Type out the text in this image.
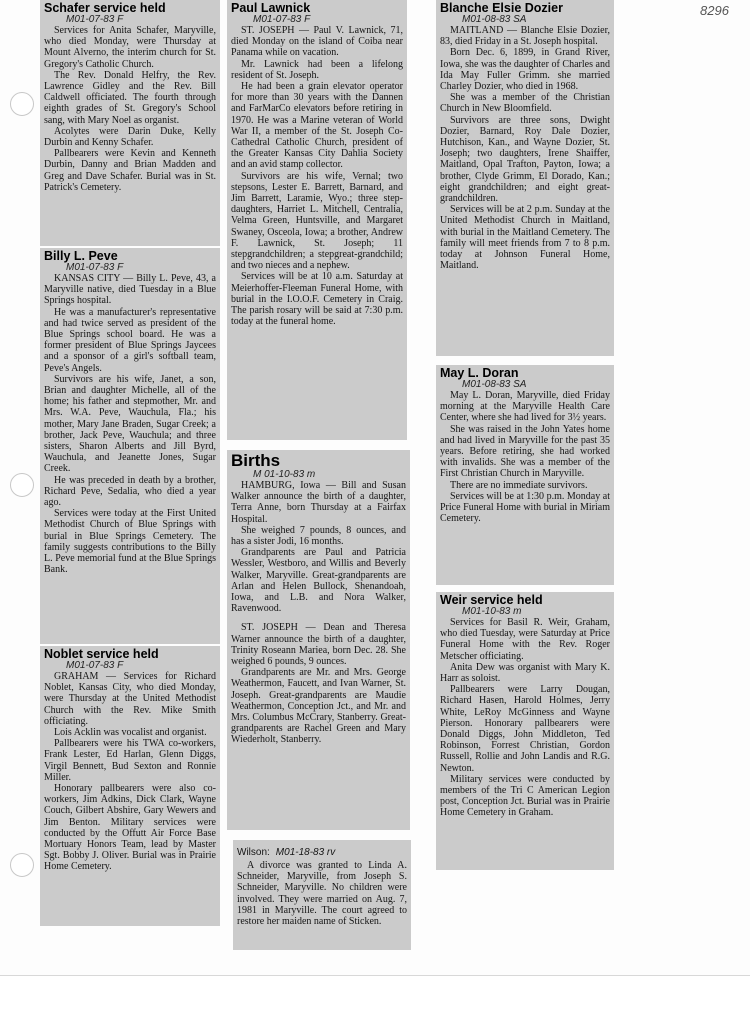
8296
Schafer service held
M01-07-83 F

Services for Anita Schafer, Maryville, who died Monday, were Thursday at Mount Alverno, the interim church for St. Gregory's Catholic Church.

The Rev. Donald Helfry, the Rev. Lawrence Gidley and the Rev. Bill Caldwell officiated. The fourth through eighth grades of St. Gregory's School sang, with Mary Noel as organist.

Acolytes were Darin Duke, Kelly Durbin and Kenny Schafer.

Pallbearers were Kevin and Kenneth Durbin, Danny and Brian Madden and Greg and Dave Schafer. Burial was in St. Patrick's Cemetery.

Billy L. Peve
M01-07-83 F

KANSAS CITY — Billy L. Peve, 43, a Maryville native, died Tuesday in a Blue Springs hospital.

He was a manufacturer's representative and had twice served as president of the Blue Springs school board. He was a former president of Blue Springs Jaycees and a sponsor of a girl's softball team, Peve's Angels.

Survivors are his wife, Janet, a son, Brian and daughter Michelle, all of the home; his father and stepmother, Mr. and Mrs. W.A. Peve, Wauchula, Fla.; his mother, Mary Jane Braden, Sugar Creek; a brother, Jack Peve, Wauchula; and three sisters, Sharon Alberts and Jill Byrd, Wauchula, and Jeanette Jones, Sugar Creek.

He was preceded in death by a brother, Richard Peve, Sedalia, who died a year ago.

Services were today at the First United Methodist Church of Blue Springs with burial in Blue Springs Cemetery. The family suggests contributions to the Billy L. Peve memorial fund at the Blue Springs Bank.

Noblet service held
M01-07-83 F

GRAHAM — Services for Richard Noblet, Kansas City, who died Monday, were Thursday at the United Methodist Church with the Rev. Mike Smith officiating.

Lois Acklin was vocalist and organist.

Pallbearers were his TWA co-workers, Frank Lester, Ed Harlan, Glenn Diggs, Virgil Bennett, Bud Sexton and Ronnie Miller.

Honorary pallbearers were also co-workers, Jim Adkins, Dick Clark, Wayne Couch, Gilbert Abshire, Gary Wewers and Jim Benton. Military services were conducted by the Offutt Air Force Base Mortuary Honors Team, lead by Master Sgt. Bobby J. Oliver. Burial was in Prairie Home Cemetery.

Paul Lawnick
M01-07-83 F

ST. JOSEPH — Paul V. Lawnick, 71, died Monday on the island of Coiba near Panama while on vacation.

Mr. Lawnick had been a lifelong resident of St. Joseph.

He had been a grain elevator operator for more than 30 years with the Dannen and FarMarCo elevators before retiring in 1970. He was a Marine veteran of World War II, a member of the St. Joseph Co-Cathedral Catholic Church, president of the Greater Kansas City Dahlia Society and an avid stamp collector.

Survivors are his wife, Vernal; two stepsons, Lester E. Barrett, Barnard, and Jim Barrett, Laramie, Wyo.; three step-daughters, Harriet L. Mitchell, Centralia, Velma Green, Huntsville, and Margaret Swaney, Osceola, Iowa; a brother, Andrew F. Lawnick, St. Joseph; 11 stepgrandchildren; a stepgreat-grandchild; and two nieces and a nephew.

Services will be at 10 a.m. Saturday at Meierhoffer-Fleeman Funeral Home, with burial in the I.O.O.F. Cemetery in Craig. The parish rosary will be said at 7:30 p.m. today at the funeral home.

Births
M 01-10-83 m

HAMBURG, Iowa — Bill and Susan Walker announce the birth of a daughter, Terra Anne, born Thursday at a Fairfax Hospital.

She weighed 7 pounds, 8 ounces, and has a sister Jodi, 16 months.

Grandparents are Paul and Patricia Wessler, Westboro, and Willis and Beverly Walker, Maryville. Great-grandparents are Arlan and Helen Bullock, Shenandoah, Iowa, and L.B. and Nora Walker, Ravenwood.

ST. JOSEPH — Dean and Theresa Warner announce the birth of a daughter, Trinity Roseann Mariea, born Dec. 28. She weighed 6 pounds, 9 ounces.

Grandparents are Mr. and Mrs. George Weathermon, Faucett, and Ivan Warner, St. Joseph. Great-grandparents are Maudie Weathermon, Conception Jct., and Mr. and Mrs. Columbus McCrary, Stanberry. Great-grandparents are Rachel Green and Mary Wiederholt, Stanberry.

Wilson: M01-18-83 rv

A divorce was granted to Linda A. Schneider, Maryville, from Joseph S. Schneider, Maryville. No children were involved. They were married on Aug. 7, 1981 in Maryville. The court agreed to restore her maiden name of Sticken.

Blanche Elsie Dozier
M01-08-83 SA

MAITLAND — Blanche Elsie Dozier, 83, died Friday in a St. Joseph hospital.

Born Dec. 6, 1899, in Grand River, Iowa, she was the daughter of Charles and Ida May Fuller Grimm. she married Charley Dozier, who died in 1968.

She was a member of the Christian Church in New Bloomfield.

Survivors are three sons, Dwight Dozier, Barnard, Roy Dale Dozier, Hutchison, Kan., and Wayne Dozier, St. Joseph; two daughters, Irene Shaiffer, Maitland, Opal Trafton, Payton, Iowa; a brother, Clyde Grimm, El Dorado, Kan.; eight grandchildren; and eight great-grandchildren.

Services will be at 2 p.m. Sunday at the United Methodist Church in Maitland, with burial in the Maitland Cemetery. The family will meet friends from 7 to 8 p.m. today at Johnson Funeral Home, Maitland.

May L. Doran
M01-08-83 SA

May L. Doran, Maryville, died Friday morning at the Maryville Health Care Center, where she had lived for 3½ years.

She was raised in the John Yates home and had lived in Maryville for the past 35 years. Before retiring, she had worked with invalids. She was a member of the First Christian Church in Maryville.

There are no immediate survivors.

Services will be at 1:30 p.m. Monday at Price Funeral Home with burial in Miriam Cemetery.

Weir service held
M01-10-83 m

Services for Basil R. Weir, Graham, who died Tuesday, were Saturday at Price Funeral Home with the Rev. Roger Metscher officiating.

Anita Dew was organist with Mary K. Harr as soloist.

Pallbearers were Larry Dougan, Richard Hasen, Harold Holmes, Jerry White, LeRoy McGinness and Wayne Pierson. Honorary pallbearers were Donald Diggs, John Middleton, Ted Robinson, Forrest Christian, Gordon Russell, Rollie and John Landis and R.G. Newton.

Military services were conducted by members of the Tri C American Legion post, Conception Jct. Burial was in Prairie Home Cemetery in Graham.
